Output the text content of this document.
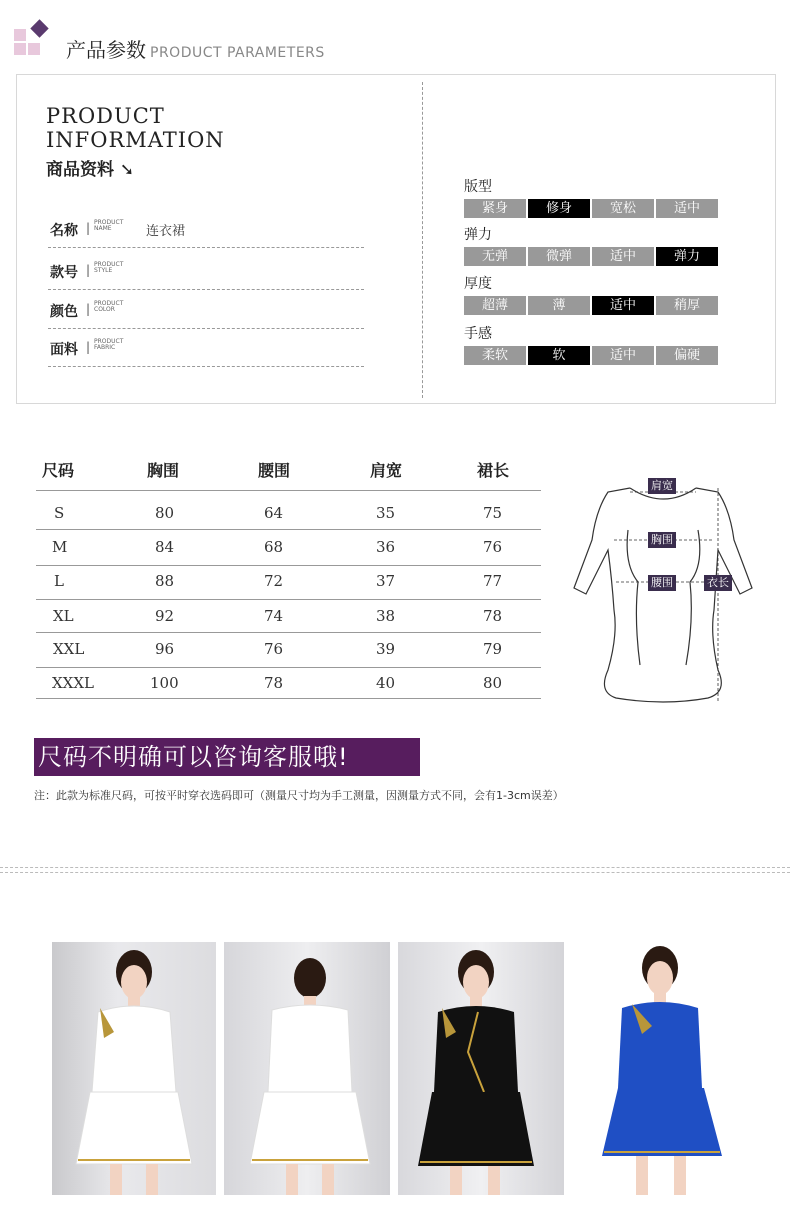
产品参数 PRODUCT PARAMETERS
PRODUCT
INFORMATION
商品资料 ➘
名称 | PRODUCT
NAME	连衣裙
款号 | PRODUCT
STYLE
颜色 | PRODUCT
COLOR
面料 | PRODUCT
FABRIC
版型
紧身	修身	宽松	适中
弹力
无弹	微弹	适中	弹力
厚度
超薄	薄	适中	稍厚
手感
柔软	软	适中	偏硬
尺码	胸围	腰围	肩宽	裙长
S	80	64	35	75
M	84	68	36	76
L	88	72	37	77
XL	92	74	38	78
XXL	96	76	39	79
XXXL	100	78	40	80
肩宽
胸围
腰围	衣长
尺码不明确可以咨询客服哦!
注：此款为标准尺码，可按平时穿衣选码即可（测量尺寸均为手工测量，因测量方式不同，会有1-3cm误差）
